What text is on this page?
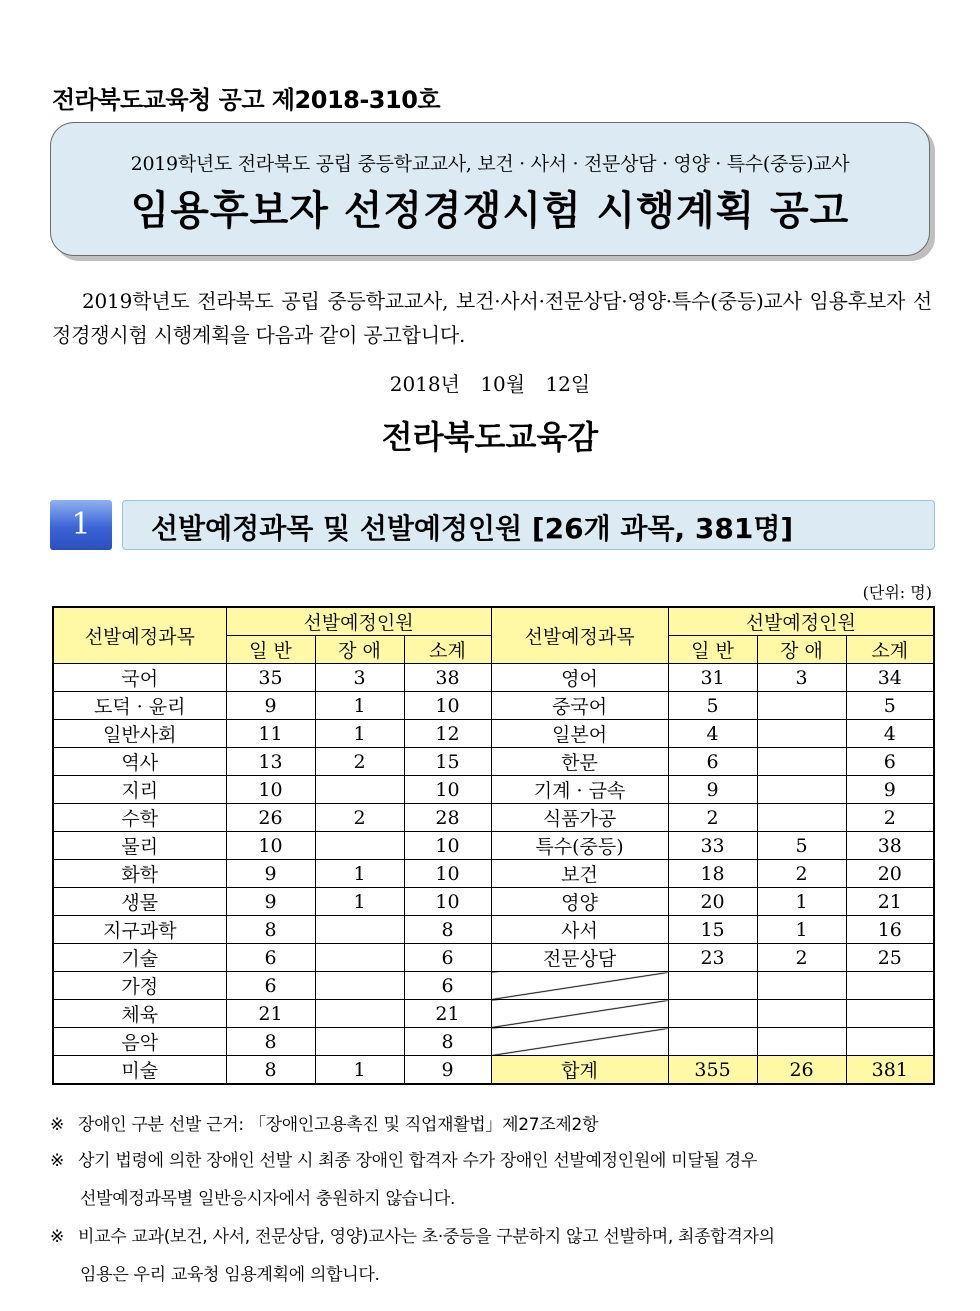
전라북도교육청 공고 제2018-310호
2019학년도 전라북도 공립 중등학교교사, 보건 · 사서 · 전문상담 · 영양 · 특수(중등)교사
임용후보자 선정경쟁시험 시행계획 공고
2019학년도 전라북도 공립 중등학교교사, 보건·사서·전문상담·영양·특수(중등)교사 임용후보자 선정경쟁시험 시행계획을 다음과 같이 공고합니다.
2018년 10월 12일
전라북도교육감
1	선발예정과목 및 선발예정인원 [26개 과목, 381명]
(단위: 명)
선발예정과목	선발예정인원			선발예정과목	선발예정인원		
	일 반	장 애	소계		일 반	장 애	소계
국어	35	3	38	영어	31	3	34
도덕 · 윤리	9	1	10	중국어	5		5
일반사회	11	1	12	일본어	4		4
역사	13	2	15	한문	6		6
지리	10		10	기계 · 금속	9		9
수학	26	2	28	식품가공	2		2
물리	10		10	특수(중등)	33	5	38
화학	9	1	10	보건	18	2	20
생물	9	1	10	영양	20	1	21
지구과학	8		8	사서	15	1	16
기술	6		6	전문상담	23	2	25
가정	6		6				
체육	21		21				
음악	8		8				
미술	8	1	9	합계	355	26	381
※ 장애인 구분 선발 근거: 「장애인고용촉진 및 직업재활법」제27조제2항
※ 상기 법령에 의한 장애인 선발 시 최종 장애인 합격자 수가 장애인 선발예정인원에 미달될 경우
선발예정과목별 일반응시자에서 충원하지 않습니다.
※ 비교수 교과(보건, 사서, 전문상담, 영양)교사는 초·중등을 구분하지 않고 선발하며, 최종합격자의
임용은 우리 교육청 임용계획에 의합니다.
